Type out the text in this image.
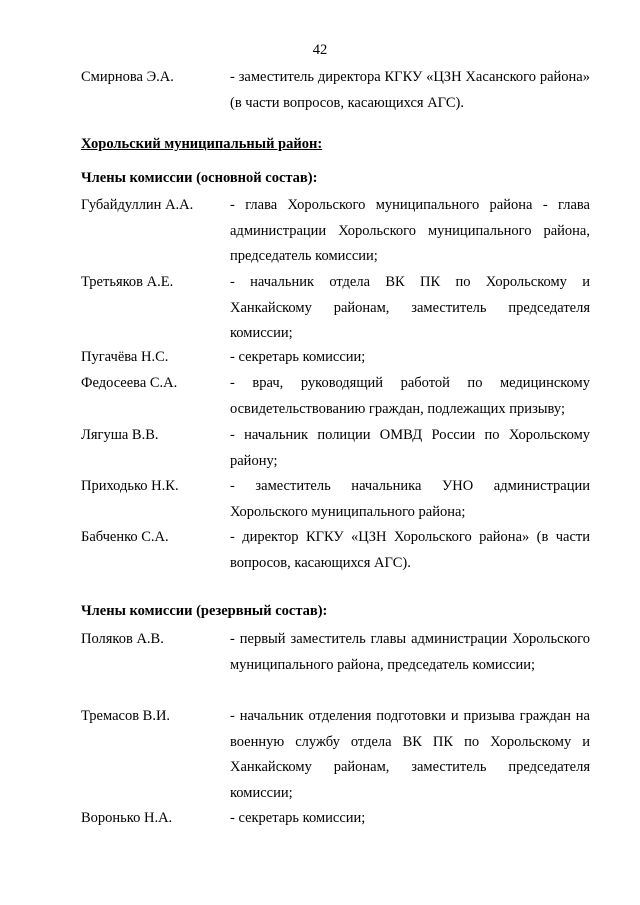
42
Смирнова Э.А.	- заместитель директора КГКУ «ЦЗН Хасанского района» (в части вопросов, касающихся АГС).
Хорольский муниципальный район:
Члены комиссии (основной состав):
Губайдуллин А.А.	- глава Хорольского муниципального района - глава администрации Хорольского муниципального района, председатель комиссии;
Третьяков А.Е.	- начальник отдела ВК ПК по Хорольскому и Ханкайскому районам, заместитель председателя комиссии;
Пугачёва Н.С.	- секретарь комиссии;
Федосеева С.А.	- врач, руководящий работой по медицинскому освидетельствованию граждан, подлежащих призыву;
Лягуша В.В.	- начальник полиции ОМВД России по Хорольскому району;
Приходько Н.К.	- заместитель начальника УНО администрации Хорольского муниципального района;
Бабченко С.А.	- директор КГКУ «ЦЗН Хорольского района» (в части вопросов, касающихся АГС).
Члены комиссии (резервный состав):
Поляков А.В.	- первый заместитель главы администрации Хорольского муниципального района, председатель комиссии;
Тремасов В.И.	- начальник отделения подготовки и призыва граждан на военную службу отдела ВК ПК по Хорольскому и Ханкайскому районам, заместитель председателя комиссии;
Воронько Н.А.	- секретарь комиссии;
